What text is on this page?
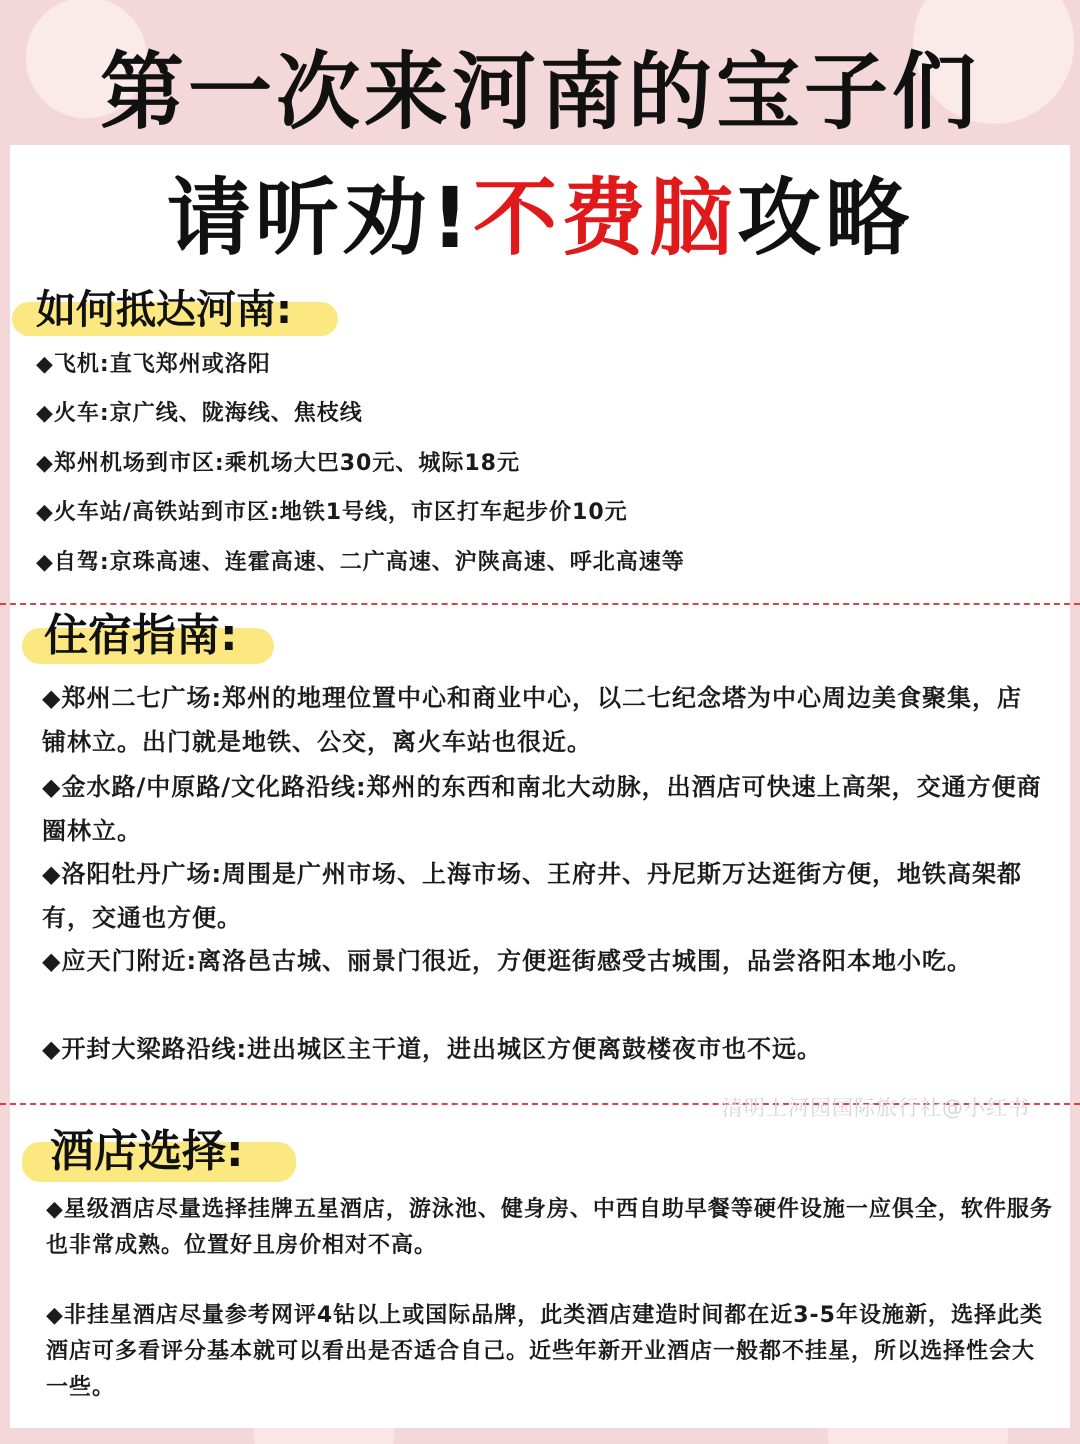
第一次来河南的宝子们
请听劝!不费脑攻略
如何抵达河南:
◆飞机:直飞郑州或洛阳
◆火车:京广线、陇海线、焦枝线
◆郑州机场到市区:乘机场大巴30元、城际18元
◆火车站/高铁站到市区:地铁1号线，市区打车起步价10元
◆自驾:京珠高速、连霍高速、二广高速、沪陕高速、呼北高速等
住宿指南:
◆郑州二七广场:郑州的地理位置中心和商业中心，以二七纪念塔为中心周边美食聚集，店铺林立。出门就是地铁、公交，离火车站也很近。
◆金水路/中原路/文化路沿线:郑州的东西和南北大动脉，出酒店可快速上高架，交通方便商圈林立。
◆洛阳牡丹广场:周围是广州市场、上海市场、王府井、丹尼斯万达逛街方便，地铁高架都有，交通也方便。
◆应天门附近:离洛邑古城、丽景门很近，方便逛街感受古城围，品尝洛阳本地小吃。
◆开封大梁路沿线:进出城区主干道，进出城区方便离鼓楼夜市也不远。
清明上河园国际旅行社@小红书
酒店选择:
◆星级酒店尽量选择挂牌五星酒店，游泳池、健身房、中西自助早餐等硬件设施一应俱全，软件服务也非常成熟。位置好且房价相对不高。
◆非挂星酒店尽量参考网评4钻以上或国际品牌，此类酒店建造时间都在近3-5年设施新，选择此类酒店可多看评分基本就可以看出是否适合自己。近些年新开业酒店一般都不挂星，所以选择性会大一些。
